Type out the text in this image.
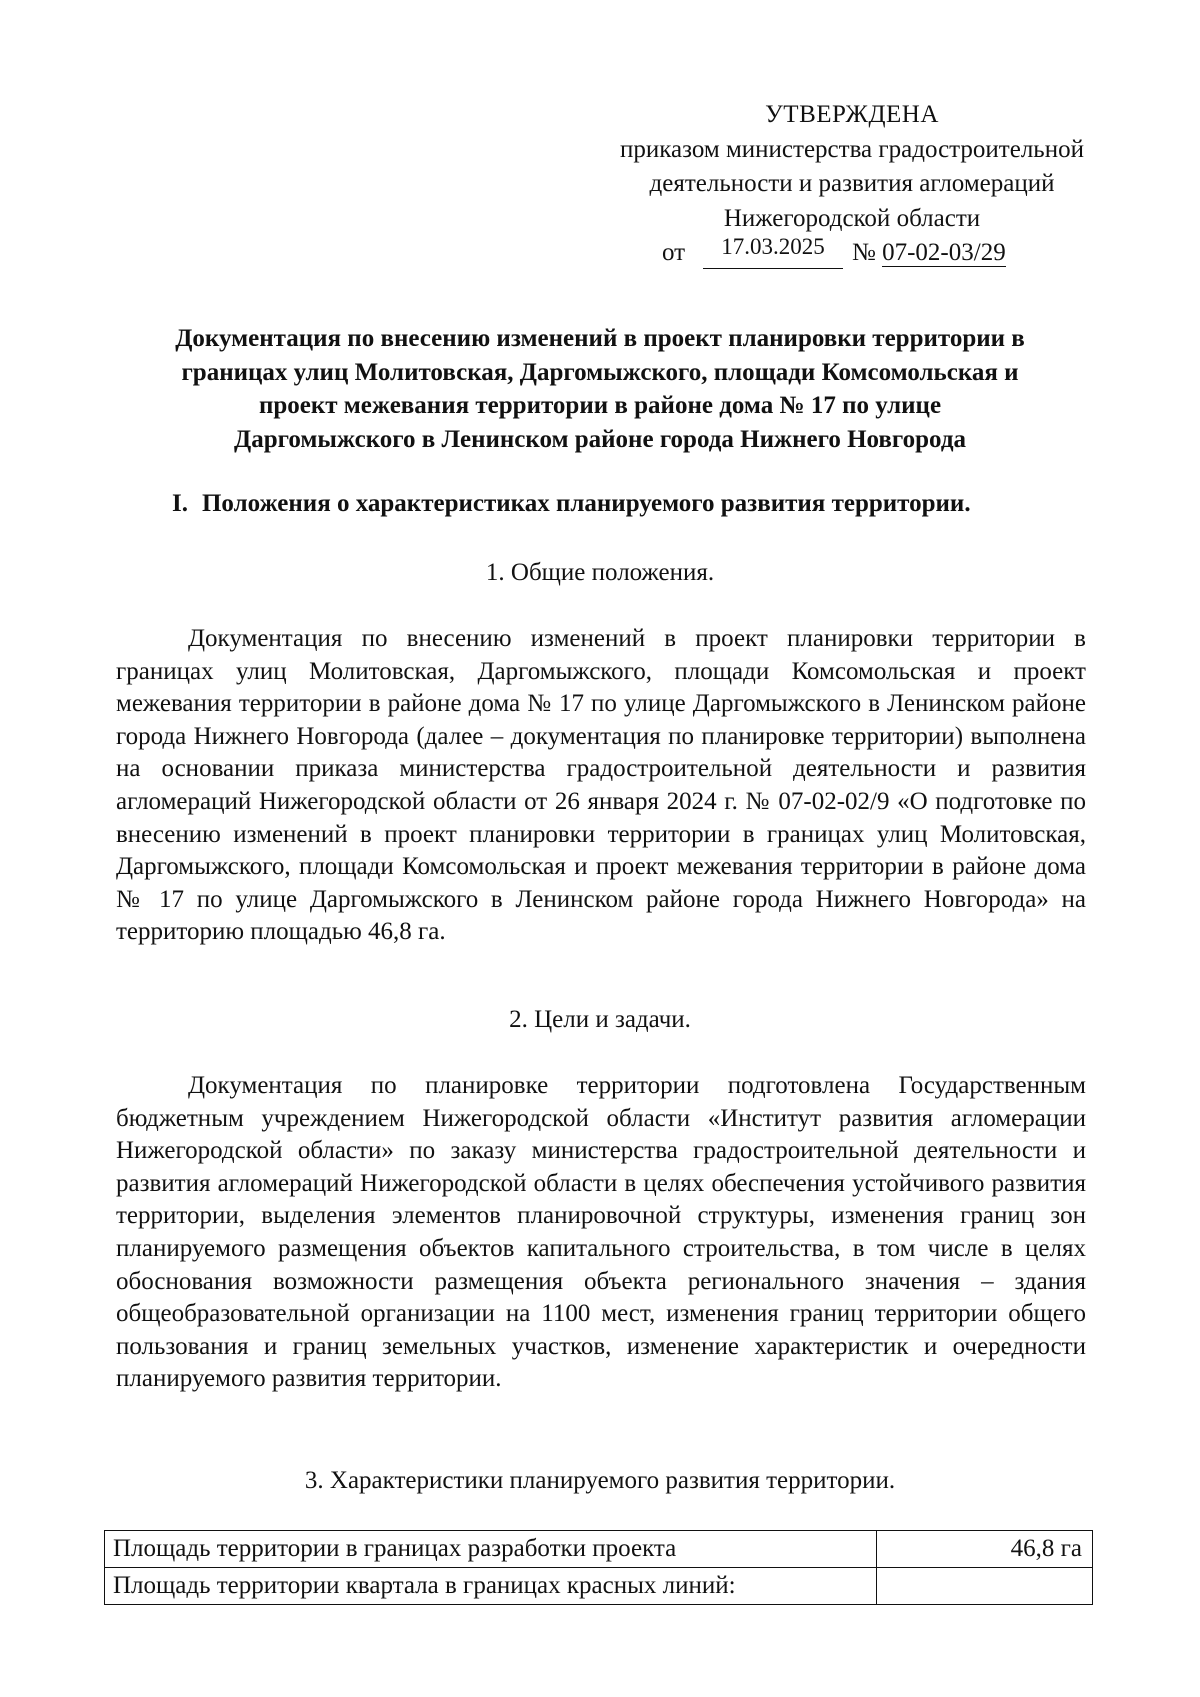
УТВЕРЖДЕНА
приказом министерства градостроительной
деятельности и развития агломераций
Нижегородской области
от	17.03.2025	№ 07-02-03/29
Документация по внесению изменений в проект планировки территории в
границах улиц Молитовская, Даргомыжского, площади Комсомольская и
проект межевания территории в районе дома № 17 по улице
Даргомыжского в Ленинском районе города Нижнего Новгорода
I. Положения о характеристиках планируемого развития территории.
1. Общие положения.
Документация по внесению изменений в проект планировки территории в границах улиц Молитовская, Даргомыжского, площади Комсомольская и проект межевания территории в районе дома № 17 по улице Даргомыжского в Ленинском районе города Нижнего Новгорода (далее – документация по планировке территории) выполнена на основании приказа министерства градостроительной деятельности и развития агломераций Нижегородской области от 26 января 2024 г. № 07-02-02/9 «О подготовке по внесению изменений в проект планировки территории в границах улиц Молитовская, Даргомыжского, площади Комсомольская и проект межевания территории в районе дома № 17 по улице Даргомыжского в Ленинском районе города Нижнего Новгорода» на территорию площадью 46,8 га.
2. Цели и задачи.
Документация по планировке территории подготовлена Государственным бюджетным учреждением Нижегородской области «Институт развития агломерации Нижегородской области» по заказу министерства градостроительной деятельности и развития агломераций Нижегородской области в целях обеспечения устойчивого развития территории, выделения элементов планировочной структуры, изменения границ зон планируемого размещения объектов капитального строительства, в том числе в целях обоснования возможности размещения объекта регионального значения – здания общеобразовательной организации на 1100 мест, изменения границ территории общего пользования и границ земельных участков, изменение характеристик и очередности планируемого развития территории.
3. Характеристики планируемого развития территории.
Площадь территории в границах разработки проекта	46,8 га
Площадь территории квартала в границах красных линий:	
